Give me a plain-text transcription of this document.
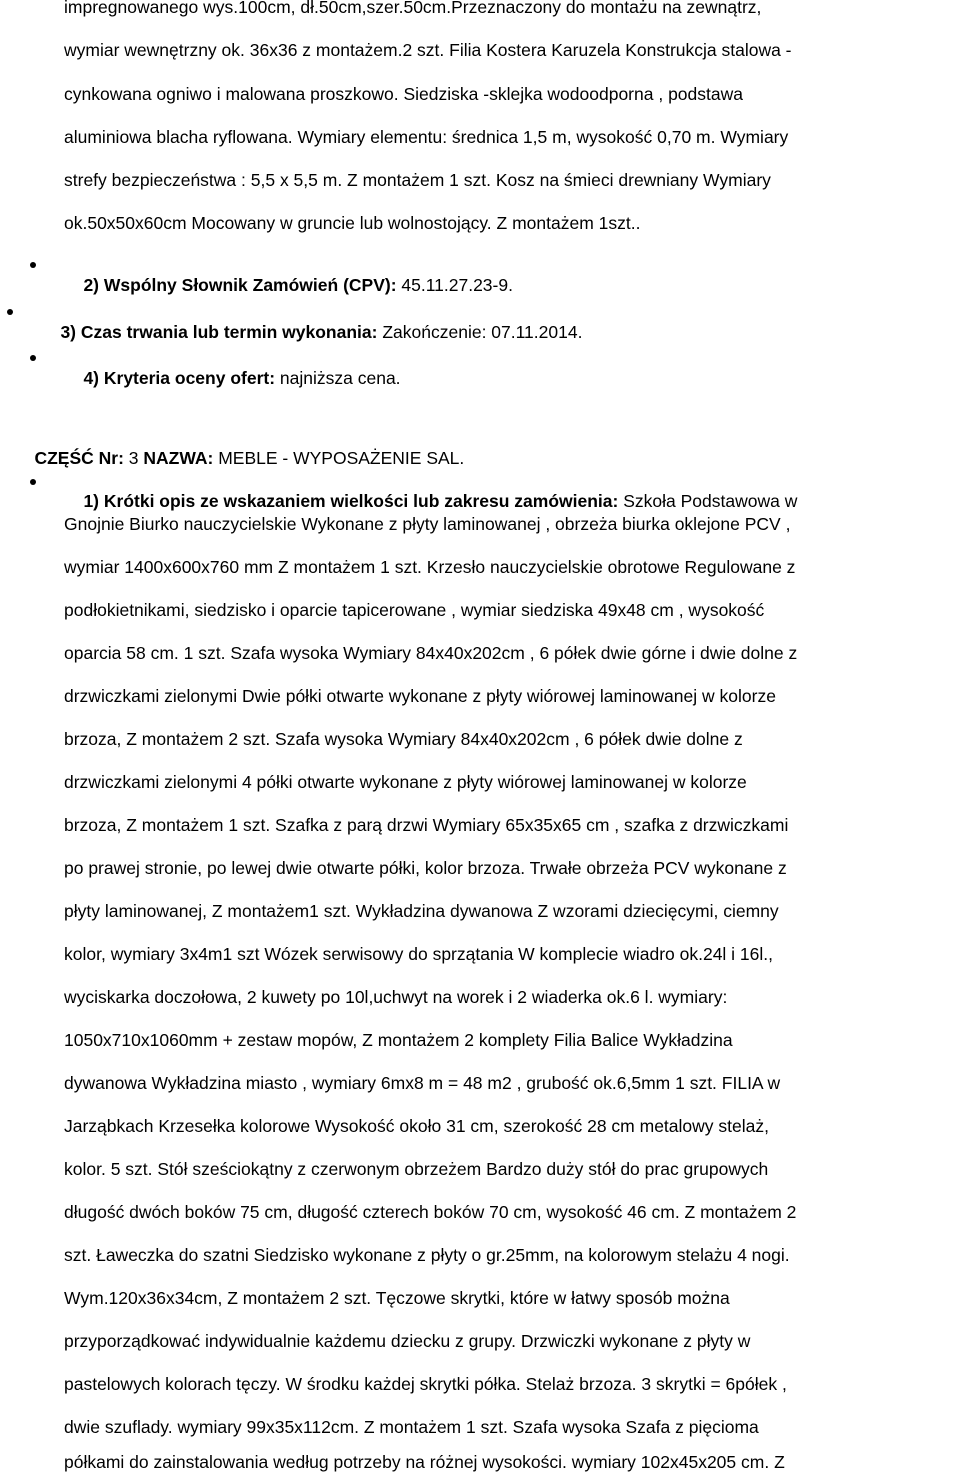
impregnowanego wys.100cm, dł.50cm,szer.50cm.Przeznaczony do montażu na zewnątrz,
wymiar wewnętrzny ok. 36x36 z montażem.2 szt. Filia Kostera Karuzela Konstrukcja stalowa -
cynkowana ogniwo i malowana proszkowo. Siedziska -sklejka wodoodporna , podstawa
aluminiowa blacha ryflowana. Wymiary elementu: średnica 1,5 m, wysokość 0,70 m. Wymiary
strefy bezpieczeństwa : 5,5 x 5,5 m. Z montażem 1 szt. Kosz na śmieci drewniany Wymiary
ok.50x50x60cm Mocowany w gruncie lub wolnostojący. Z montażem 1szt..

2) Wspólny Słownik Zamówień (CPV): 45.11.27.23-9.

3) Czas trwania lub termin wykonania: Zakończenie: 07.11.2014.

4) Kryteria oceny ofert: najniższa cena.

CZĘŚĆ Nr: 3 NAZWA: MEBLE - WYPOSAŻENIE SAL.

1) Krótki opis ze wskazaniem wielkości lub zakresu zamówienia: Szkoła Podstawowa w

Gnojnie Biurko nauczycielskie Wykonane z płyty laminowanej , obrzeża biurka oklejone PCV ,
wymiar 1400x600x760 mm Z montażem 1 szt. Krzesło nauczycielskie obrotowe Regulowane z
podłokietnikami, siedzisko i oparcie tapicerowane , wymiar siedziska 49x48 cm , wysokość
oparcia 58 cm. 1 szt. Szafa wysoka Wymiary 84x40x202cm , 6 półek dwie górne i dwie dolne z
drzwiczkami zielonymi Dwie półki otwarte wykonane z płyty wiórowej laminowanej w kolorze
brzoza, Z montażem 2 szt. Szafa wysoka Wymiary 84x40x202cm , 6 półek dwie dolne z
drzwiczkami zielonymi 4 półki otwarte wykonane z płyty wiórowej laminowanej w kolorze
brzoza, Z montażem 1 szt. Szafka z parą drzwi Wymiary 65x35x65 cm , szafka z drzwiczkami
po prawej stronie, po lewej dwie otwarte półki, kolor brzoza. Trwałe obrzeża PCV wykonane z
płyty laminowanej, Z montażem1 szt. Wykładzina dywanowa Z wzorami dziecięcymi, ciemny
kolor, wymiary 3x4m1 szt Wózek serwisowy do sprzątania W komplecie wiadro ok.24l i 16l.,
wyciskarka doczołowa, 2 kuwety po 10l,uchwyt na worek i 2 wiaderka ok.6 l. wymiary:
1050x710x1060mm + zestaw mopów, Z montażem 2 komplety Filia Balice Wykładzina
dywanowa Wykładzina miasto , wymiary 6mx8 m = 48 m2 , grubość ok.6,5mm 1 szt. FILIA w
Jarząbkach Krzesełka kolorowe Wysokość około 31 cm, szerokość 28 cm metalowy stelaż,
kolor. 5 szt. Stół sześciokątny z czerwonym obrzeżem Bardzo duży stół do prac grupowych
długość dwóch boków 75 cm, długość czterech boków 70 cm, wysokość 46 cm. Z montażem 2
szt. Ławeczka do szatni Siedzisko wykonane z płyty o gr.25mm, na kolorowym stelażu 4 nogi.
Wym.120x36x34cm, Z montażem 2 szt. Tęczowe skrytki, które w łatwy sposób można
przyporządkować indywidualnie każdemu dziecku z grupy. Drzwiczki wykonane z płyty w
pastelowych kolorach tęczy. W środku każdej skrytki półka. Stelaż brzoza. 3 skrytki = 6półek ,
dwie szuflady. wymiary 99x35x112cm. Z montażem 1 szt. Szafa wysoka Szafa z pięcioma
półkami do zainstalowania według potrzeby na różnej wysokości. wymiary 102x45x205 cm. Z
